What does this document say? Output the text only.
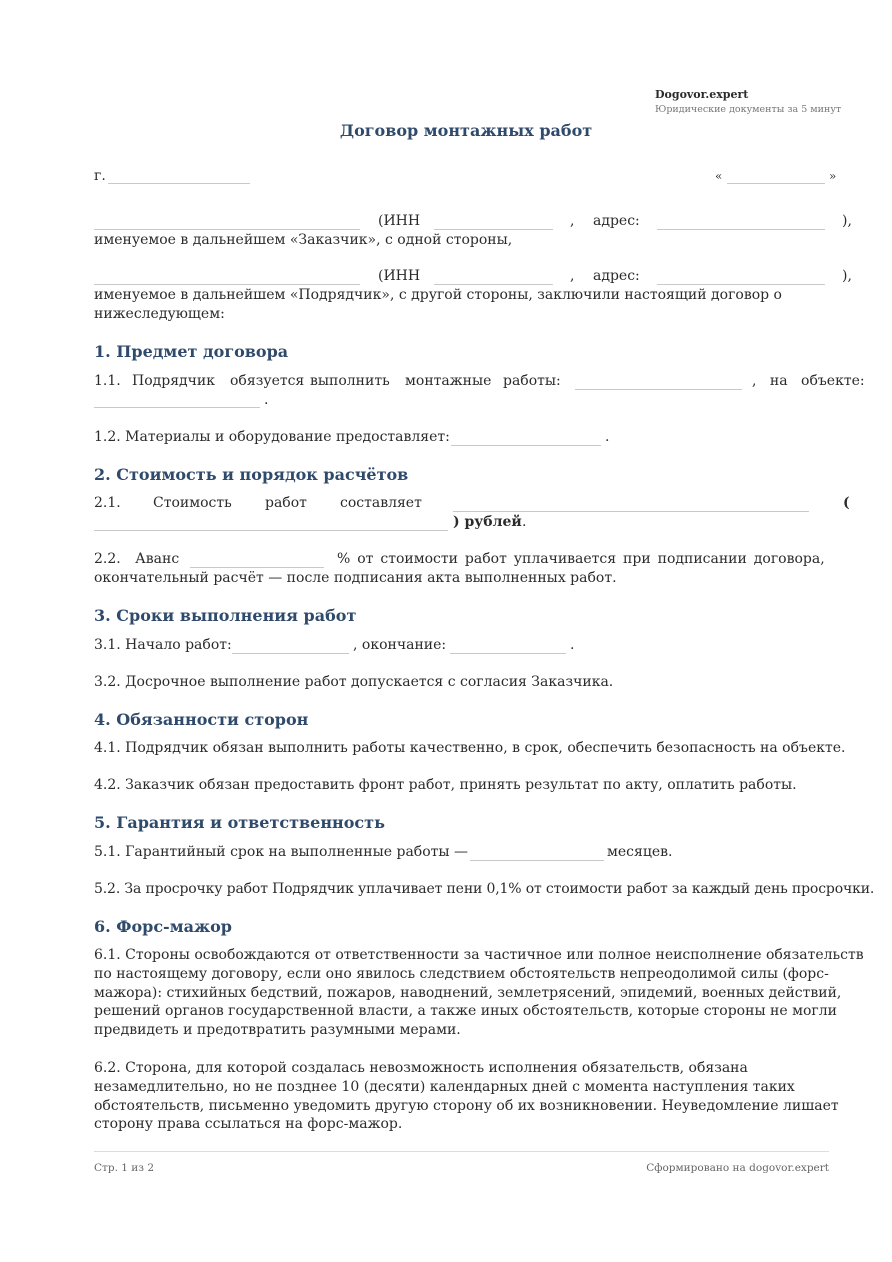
Dogovor.expert
Юридические документы за 5 минут
Договор монтажных работ
г.	«	»
(ИНН	, адрес:	),
именуемое в дальнейшем «Заказчик», с одной стороны,
(ИНН	, адрес:	),
именуемое в дальнейшем «Подрядчик», с другой стороны, заключили настоящий договор о
нижеследующем:
1. Предмет договора
1.1. Подрядчик обязуется выполнить монтажные работы:	, на объекте:
.
1.2. Материалы и оборудование предоставляет:	.
2. Стоимость и порядок расчётов
2.1. Стоимость работ составляет	(
) рублей .
2.2. Аванс	% от стоимости работ уплачивается при подписании договора,
окончательный расчёт — после подписания акта выполненных работ.
3. Сроки выполнения работ
3.1. Начало работ:	, окончание:	.
3.2. Досрочное выполнение работ допускается с согласия Заказчика.
4. Обязанности сторон
4.1. Подрядчик обязан выполнить работы качественно, в срок, обеспечить безопасность на объекте.
4.2. Заказчик обязан предоставить фронт работ, принять результат по акту, оплатить работы.
5. Гарантия и ответственность
5.1. Гарантийный срок на выполненные работы —	месяцев.
5.2. За просрочку работ Подрядчик уплачивает пени 0,1% от стоимости работ за каждый день просрочки.
6. Форс-мажор
6.1. Стороны освобождаются от ответственности за частичное или полное неисполнение обязательств по настоящему договору, если оно явилось следствием обстоятельств непреодолимой силы (форс-мажора): стихийных бедствий, пожаров, наводнений, землетрясений, эпидемий, военных действий, решений органов государственной власти, а также иных обстоятельств, которые стороны не могли предвидеть и предотвратить разумными мерами.
6.2. Сторона, для которой создалась невозможность исполнения обязательств, обязана незамедлительно, но не позднее 10 (десяти) календарных дней с момента наступления таких обстоятельств, письменно уведомить другую сторону об их возникновении. Неуведомление лишает сторону права ссылаться на форс-мажор.
Стр. 1 из 2	Сформировано на dogovor.expert
